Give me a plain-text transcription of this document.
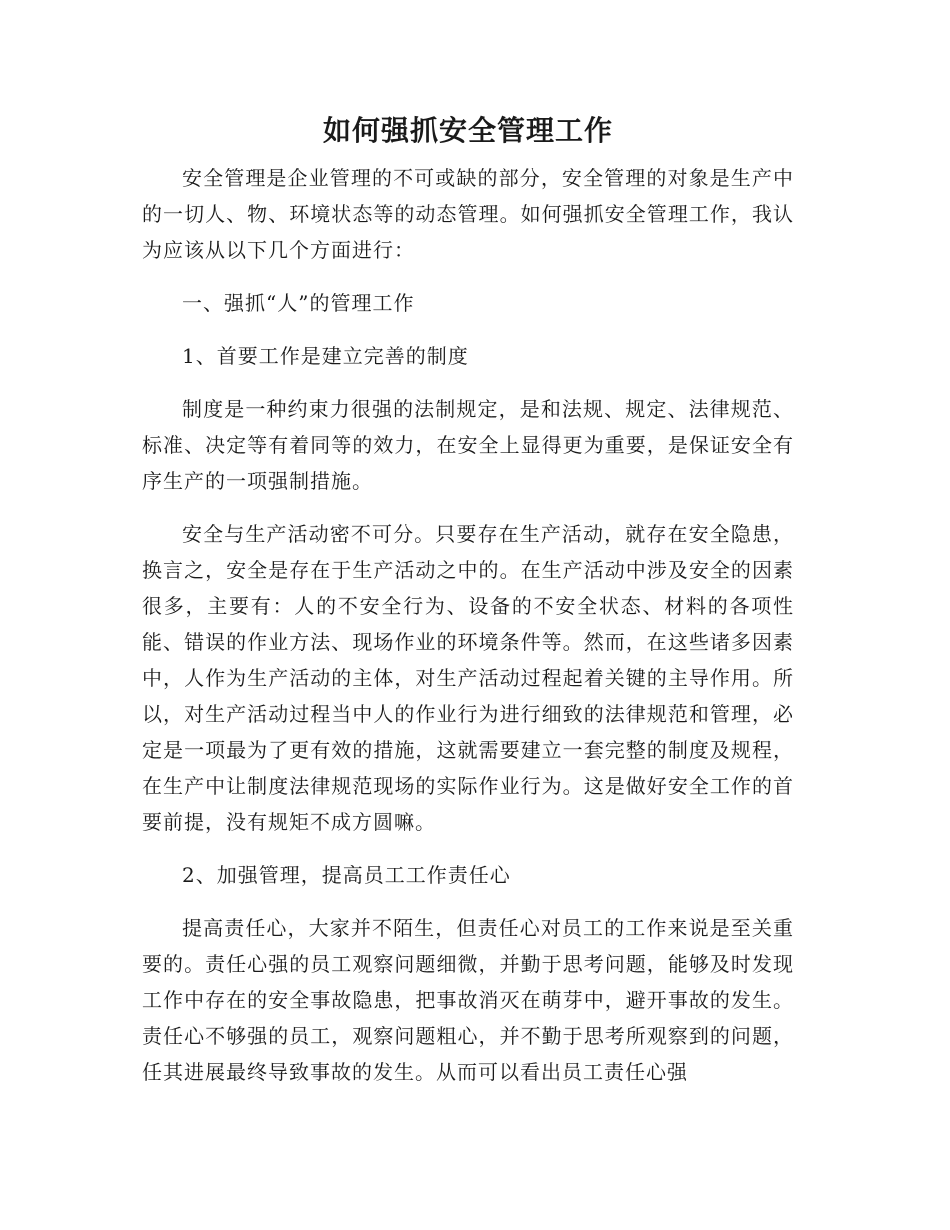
如何强抓安全管理工作

安全管理是企业管理的不可或缺的部分，安全管理的对象是生产中的一切人、物、环境状态等的动态管理。如何强抓安全管理工作，我认为应该从以下几个方面进行：

一、强抓“人”的管理工作

1、首要工作是建立完善的制度

制度是一种约束力很强的法制规定，是和法规、规定、法律规范、标准、决定等有着同等的效力，在安全上显得更为重要，是保证安全有序生产的一项强制措施。

安全与生产活动密不可分。只要存在生产活动，就存在安全隐患，换言之，安全是存在于生产活动之中的。在生产活动中涉及安全的因素很多，主要有：人的不安全行为、设备的不安全状态、材料的各项性能、错误的作业方法、现场作业的环境条件等。然而，在这些诸多因素中，人作为生产活动的主体，对生产活动过程起着关键的主导作用。所以，对生产活动过程当中人的作业行为进行细致的法律规范和管理，必定是一项最为了更有效的措施，这就需要建立一套完整的制度及规程，在生产中让制度法律规范现场的实际作业行为。这是做好安全工作的首要前提，没有规矩不成方圆嘛。

2、加强管理，提高员工工作责任心

提高责任心，大家并不陌生，但责任心对员工的工作来说是至关重要的。责任心强的员工观察问题细微，并勤于思考问题，能够及时发现工作中存在的安全事故隐患，把事故消灭在萌芽中，避开事故的发生。责任心不够强的员工，观察问题粗心，并不勤于思考所观察到的问题，任其进展最终导致事故的发生。从而可以看出员工责任心强
